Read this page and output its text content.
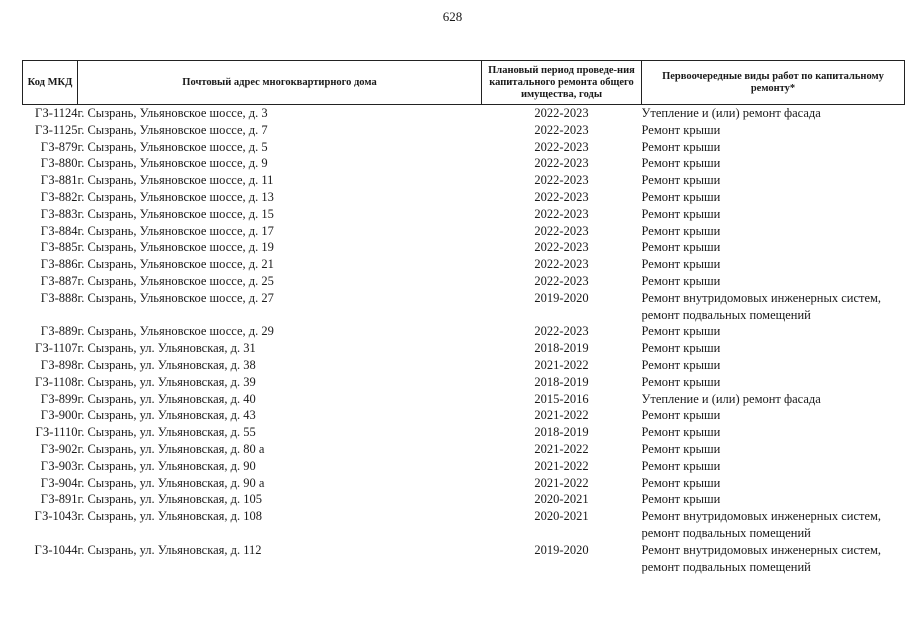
628
Код МКД	Почтовый адрес многоквартирного дома	Плановый период проведе-ния капитального ремонта общего имущества, годы	Первоочередные виды работ по капитальному ремонту*
ГЗ-1124	г. Сызрань, Ульяновское шоссе, д. 3	2022-2023	Утепление и (или) ремонт фасада

ГЗ-1125	г. Сызрань, Ульяновское шоссе, д. 7	2022-2023	Ремонт крыши

ГЗ-879	г. Сызрань, Ульяновское шоссе, д. 5	2022-2023	Ремонт крыши

ГЗ-880	г. Сызрань, Ульяновское шоссе, д. 9	2022-2023	Ремонт крыши

ГЗ-881	г. Сызрань, Ульяновское шоссе, д. 11	2022-2023	Ремонт крыши

ГЗ-882	г. Сызрань, Ульяновское шоссе, д. 13	2022-2023	Ремонт крыши

ГЗ-883	г. Сызрань, Ульяновское шоссе, д. 15	2022-2023	Ремонт крыши

ГЗ-884	г. Сызрань, Ульяновское шоссе, д. 17	2022-2023	Ремонт крыши

ГЗ-885	г. Сызрань, Ульяновское шоссе, д. 19	2022-2023	Ремонт крыши

ГЗ-886	г. Сызрань, Ульяновское шоссе, д. 21	2022-2023	Ремонт крыши

ГЗ-887	г. Сызрань, Ульяновское шоссе, д. 25	2022-2023	Ремонт крыши

ГЗ-888	г. Сызрань, Ульяновское шоссе, д. 27	2019-2020	Ремонт внутридомовых инженерных систем,
ремонт подвальных помещений

ГЗ-889	г. Сызрань, Ульяновское шоссе, д. 29	2022-2023	Ремонт крыши

ГЗ-1107	г. Сызрань, ул. Ульяновская, д. 31	2018-2019	Ремонт крыши

ГЗ-898	г. Сызрань, ул. Ульяновская, д. 38	2021-2022	Ремонт крыши

ГЗ-1108	г. Сызрань, ул. Ульяновская, д. 39	2018-2019	Ремонт крыши

ГЗ-899	г. Сызрань, ул. Ульяновская, д. 40	2015-2016	Утепление и (или) ремонт фасада

ГЗ-900	г. Сызрань, ул. Ульяновская, д. 43	2021-2022	Ремонт крыши

ГЗ-1110	г. Сызрань, ул. Ульяновская, д. 55	2018-2019	Ремонт крыши

ГЗ-902	г. Сызрань, ул. Ульяновская, д. 80 а	2021-2022	Ремонт крыши

ГЗ-903	г. Сызрань, ул. Ульяновская, д. 90	2021-2022	Ремонт крыши

ГЗ-904	г. Сызрань, ул. Ульяновская, д. 90 а	2021-2022	Ремонт крыши

ГЗ-891	г. Сызрань, ул. Ульяновская, д. 105	2020-2021	Ремонт крыши

ГЗ-1043	г. Сызрань, ул. Ульяновская, д. 108	2020-2021	Ремонт внутридомовых инженерных систем,
ремонт подвальных помещений

ГЗ-1044	г. Сызрань, ул. Ульяновская, д. 112	2019-2020	Ремонт внутридомовых инженерных систем,
ремонт подвальных помещений
